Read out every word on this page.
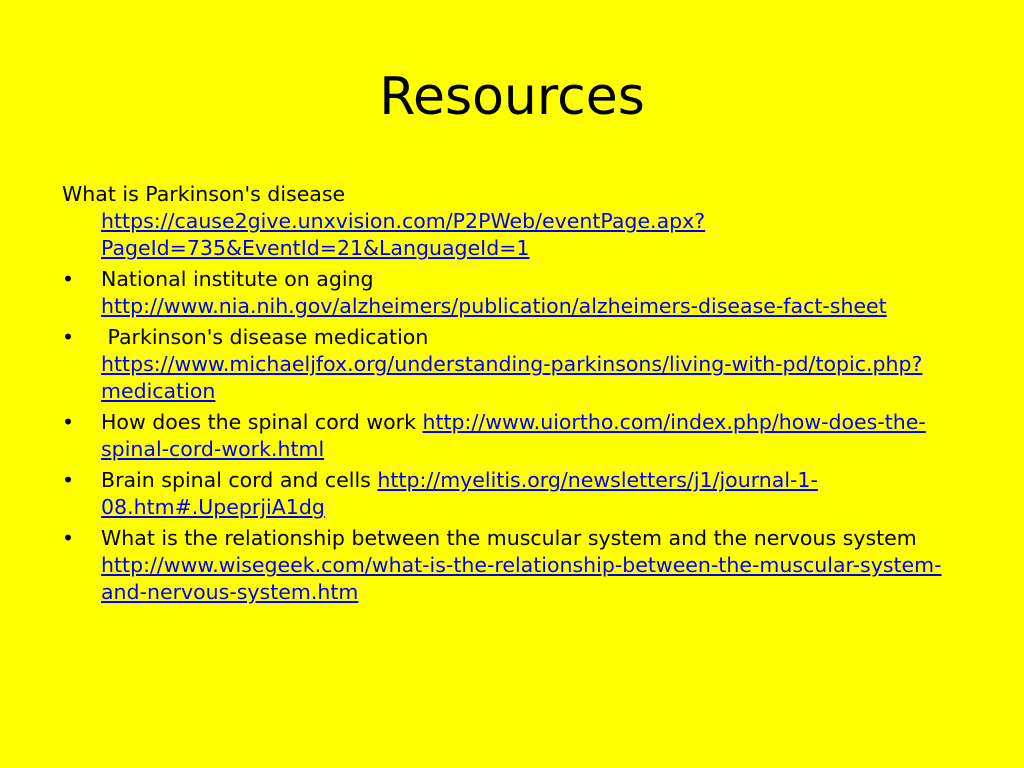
Resources
What is Parkinson's disease
https://cause2give.unxvision.com/P2PWeb/eventPage.apx?PageId=735&EventId=21&LanguageId=1
•	National institute on aging
http://www.nia.nih.gov/alzheimers/publication/alzheimers-disease-fact-sheet
•	Parkinson's disease medication
https://www.michaeljfox.org/understanding-parkinsons/living-with-pd/topic.php?medication
•	How does the spinal cord work http://www.uiortho.com/index.php/how-does-the-spinal-cord-work.html
•	Brain spinal cord and cells http://myelitis.org/newsletters/j1/journal-1-08.htm#.UpeprjiA1dg
•	What is the relationship between the muscular system and the nervous system http://www.wisegeek.com/what-is-the-relationship-between-the-muscular-system-and-nervous-system.htm
